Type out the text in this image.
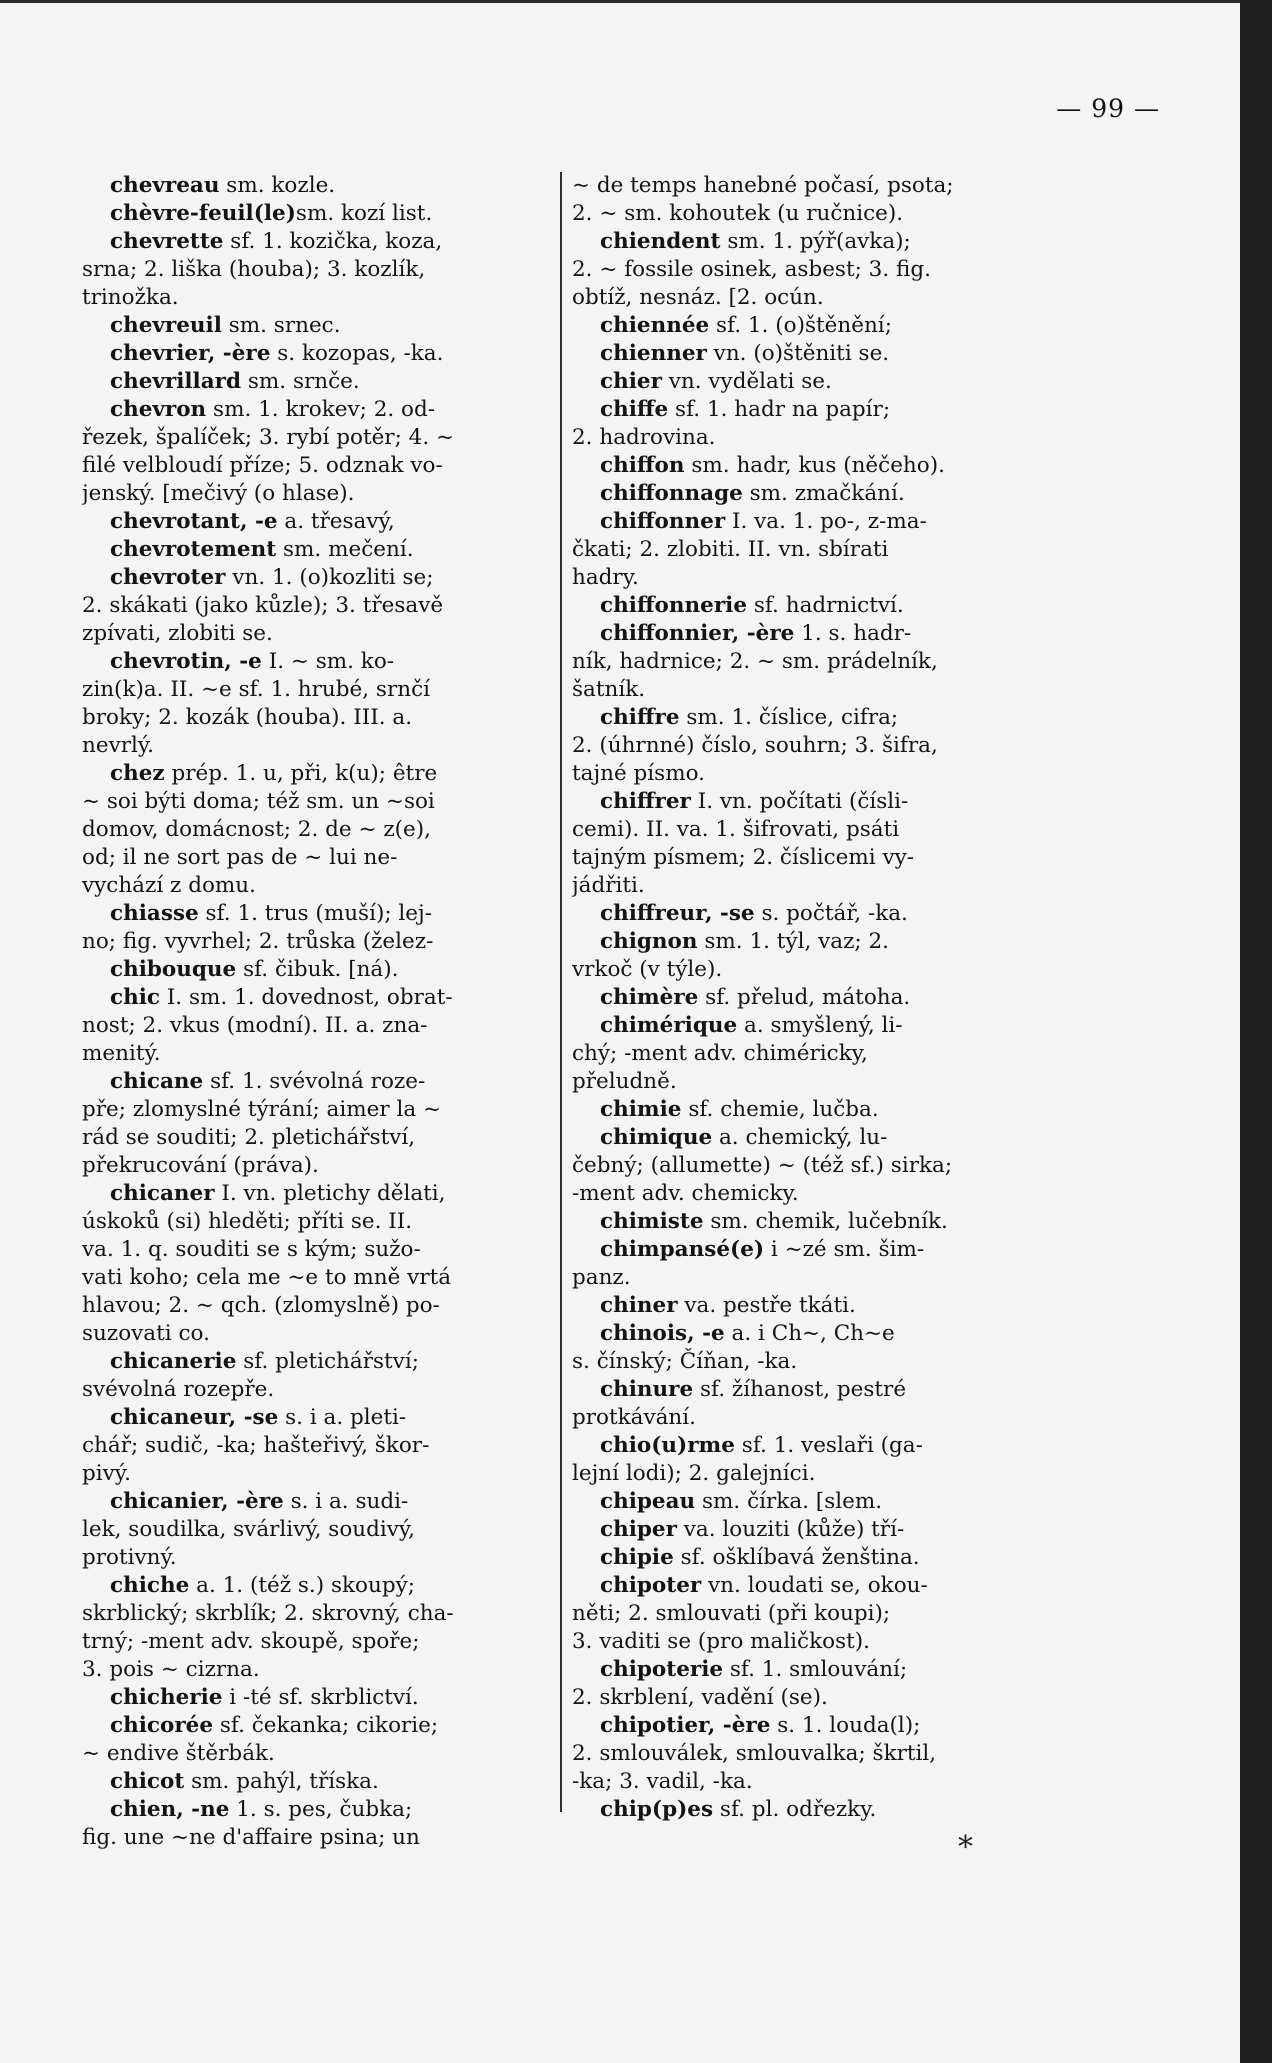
— 99 —
chevreau sm. kozle.
chèvre-feuil(le)sm. kozí list.
chevrette sf. 1. kozička, koza,
srna; 2. liška (houba); 3. kozlík,
trinožka.
chevreuil sm. srnec.
chevrier, -ère s. kozopas, -ka.
chevrillard sm. srnče.
chevron sm. 1. krokev; 2. od-
řezek, špalíček; 3. rybí potěr; 4. ~
filé velbloudí příze; 5. odznak vo-
jenský. [mečivý (o hlase).
chevrotant, -e a. třesavý,
chevrotement sm. mečení.
chevroter vn. 1. (o)kozliti se;
2. skákati (jako kůzle); 3. třesavě
zpívati, zlobiti se.
chevrotin, -e I. ~ sm. ko-
zin(k)a. II. ~e sf. 1. hrubé, srnčí
broky; 2. kozák (houba). III. a.
nevrlý.
chez prép. 1. u, při, k(u); être
~ soi býti doma; též sm. un ~soi
domov, domácnost; 2. de ~ z(e),
od; il ne sort pas de ~ lui ne-
vychází z domu.
chiasse sf. 1. trus (muší); lej-
no; fig. vyvrhel; 2. trůska (želez-
chibouque sf. čibuk. [ná).
chic I. sm. 1. dovednost, obrat-
nost; 2. vkus (modní). II. a. zna-
menitý.
chicane sf. 1. svévolná roze-
pře; zlomyslné týrání; aimer la ~
rád se souditi; 2. pletichářství,
překrucování (práva).
chicaner I. vn. pletichy dělati,
úskoků (si) hleděti; příti se. II.
va. 1. q. souditi se s kým; sužo-
vati koho; cela me ~e to mně vrtá
hlavou; 2. ~ qch. (zlomyslně) po-
suzovati co.
chicanerie sf. pletichářství;
svévolná rozepře.
chicaneur, -se s. i a. pleti-
chář; sudič, -ka; hašteřivý, škor-
pivý.
chicanier, -ère s. i a. sudi-
lek, soudilka, svárlivý, soudivý,
protivný.
chiche a. 1. (též s.) skoupý;
skrblický; skrblík; 2. skrovný, cha-
trný; -ment adv. skoupě, spoře;
3. pois ~ cizrna.
chicherie i -té sf. skrblictví.
chicorée sf. čekanka; cikorie;
~ endive štěrbák.
chicot sm. pahýl, tříska.
chien, -ne 1. s. pes, čubka;
fig. une ~ne d'affaire psina; un
~ de temps hanebné počasí, psota;
2. ~ sm. kohoutek (u ručnice).
chiendent sm. 1. pýř(avka);
2. ~ fossile osinek, asbest; 3. fig.
obtíž, nesnáz. [2. ocún.
chiennée sf. 1. (o)štěnění;
chienner vn. (o)štěniti se.
chier vn. vydělati se.
chiffe sf. 1. hadr na papír;
2. hadrovina.
chiffon sm. hadr, kus (něčeho).
chiffonnage sm. zmačkání.
chiffonner I. va. 1. po-, z-ma-
čkati; 2. zlobiti. II. vn. sbírati
hadry.
chiffonnerie sf. hadrnictví.
chiffonnier, -ère 1. s. hadr-
ník, hadrnice; 2. ~ sm. prádelník,
šatník.
chiffre sm. 1. číslice, cifra;
2. (úhrnné) číslo, souhrn; 3. šifra,
tajné písmo.
chiffrer I. vn. počítati (čísli-
cemi). II. va. 1. šifrovati, psáti
tajným písmem; 2. číslicemi vy-
jádřiti.
chiffreur, -se s. počtář, -ka.
chignon sm. 1. týl, vaz; 2.
vrkoč (v týle).
chimère sf. přelud, mátoha.
chimérique a. smyšlený, li-
chý; -ment adv. chiméricky,
přeludně.
chimie sf. chemie, lučba.
chimique a. chemický, lu-
čebný; (allumette) ~ (též sf.) sirka;
-ment adv. chemicky.
chimiste sm. chemik, lučebník.
chimpansé(e) i ~zé sm. šim-
panz.
chiner va. pestře tkáti.
chinois, -e a. i Ch~, Ch~e
s. čínský; Číňan, -ka.
chinure sf. žíhanost, pestré
protkávání.
chio(u)rme sf. 1. veslaři (ga-
lejní lodi); 2. galejníci.
chipeau sm. čírka. [slem.
chiper va. louziti (kůže) tří-
chipie sf. ošklíbavá ženština.
chipoter vn. loudati se, okou-
něti; 2. smlouvati (při koupi);
3. vaditi se (pro maličkost).
chipoterie sf. 1. smlouvání;
2. skrblení, vadění (se).
chipotier, -ère s. 1. louda(l);
2. smlouválek, smlouvalka; škrtil,
-ka; 3. vadil, -ka.
chip(p)es sf. pl. odřezky.
*
